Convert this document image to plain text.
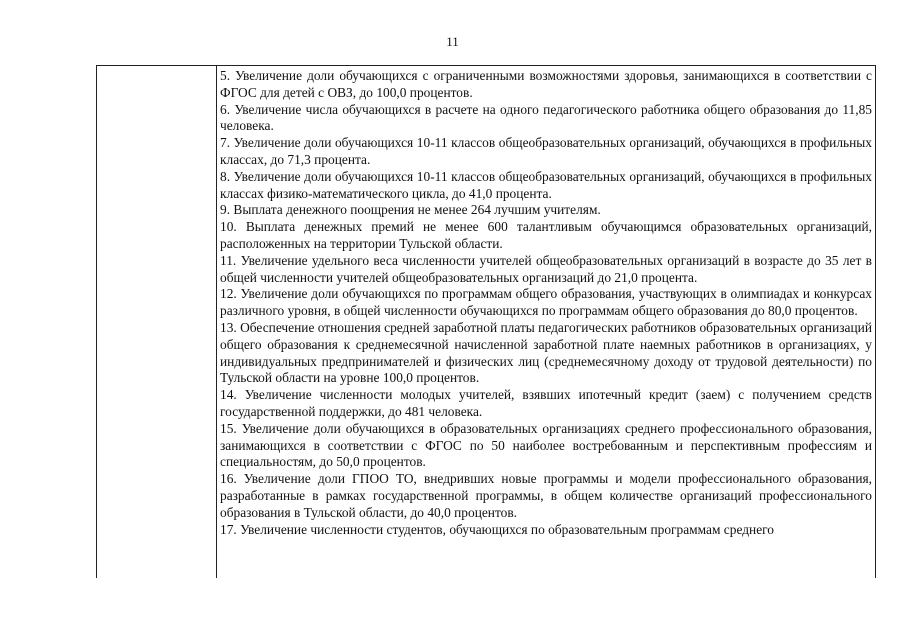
11

5. Увеличение доли обучающихся с ограниченными возможностями здоровья, занимающихся в соответствии с ФГОС для детей с ОВЗ, до 100,0 процентов.

6. Увеличение числа обучающихся в расчете на одного педагогического работника общего образования до 11,85 человека.

7. Увеличение доли обучающихся 10-11 классов общеобразовательных организаций, обучающихся в профильных классах, до 71,3 процента.

8. Увеличение доли обучающихся 10-11 классов общеобразовательных организаций, обучающихся в профильных классах физико-математического цикла, до 41,0 процента.

9. Выплата денежного поощрения не менее 264 лучшим учителям.

10. Выплата денежных премий не менее 600 талантливым обучающимся образовательных организаций, расположенных на территории Тульской области.

11. Увеличение удельного веса численности учителей общеобразовательных организаций в возрасте до 35 лет в общей численности учителей общеобразовательных организаций до 21,0 процента.

12. Увеличение доли обучающихся по программам общего образования, участвующих в олимпиадах и конкурсах различного уровня, в общей численности обучающихся по программам общего образования до 80,0 процентов.

13. Обеспечение отношения средней заработной платы педагогических работников образовательных организаций общего образования к среднемесячной начисленной заработной плате наемных работников в организациях, у индивидуальных предпринимателей и физических лиц (среднемесячному доходу от трудовой деятельности) по Тульской области на уровне 100,0 процентов.

14. Увеличение численности молодых учителей, взявших ипотечный кредит (заем) с получением средств государственной поддержки, до 481 человека.

15. Увеличение доли обучающихся в образовательных организациях среднего профессионального образования, занимающихся в соответствии с ФГОС по 50 наиболее востребованным и перспективным профессиям и специальностям, до 50,0 процентов.

16. Увеличение доли ГПОО ТО, внедривших новые программы и модели профессионального образования, разработанные в рамках государственной программы, в общем количестве организаций профессионального образования в Тульской области, до 40,0 процентов.

17. Увеличение численности студентов, обучающихся по образовательным программам среднего
